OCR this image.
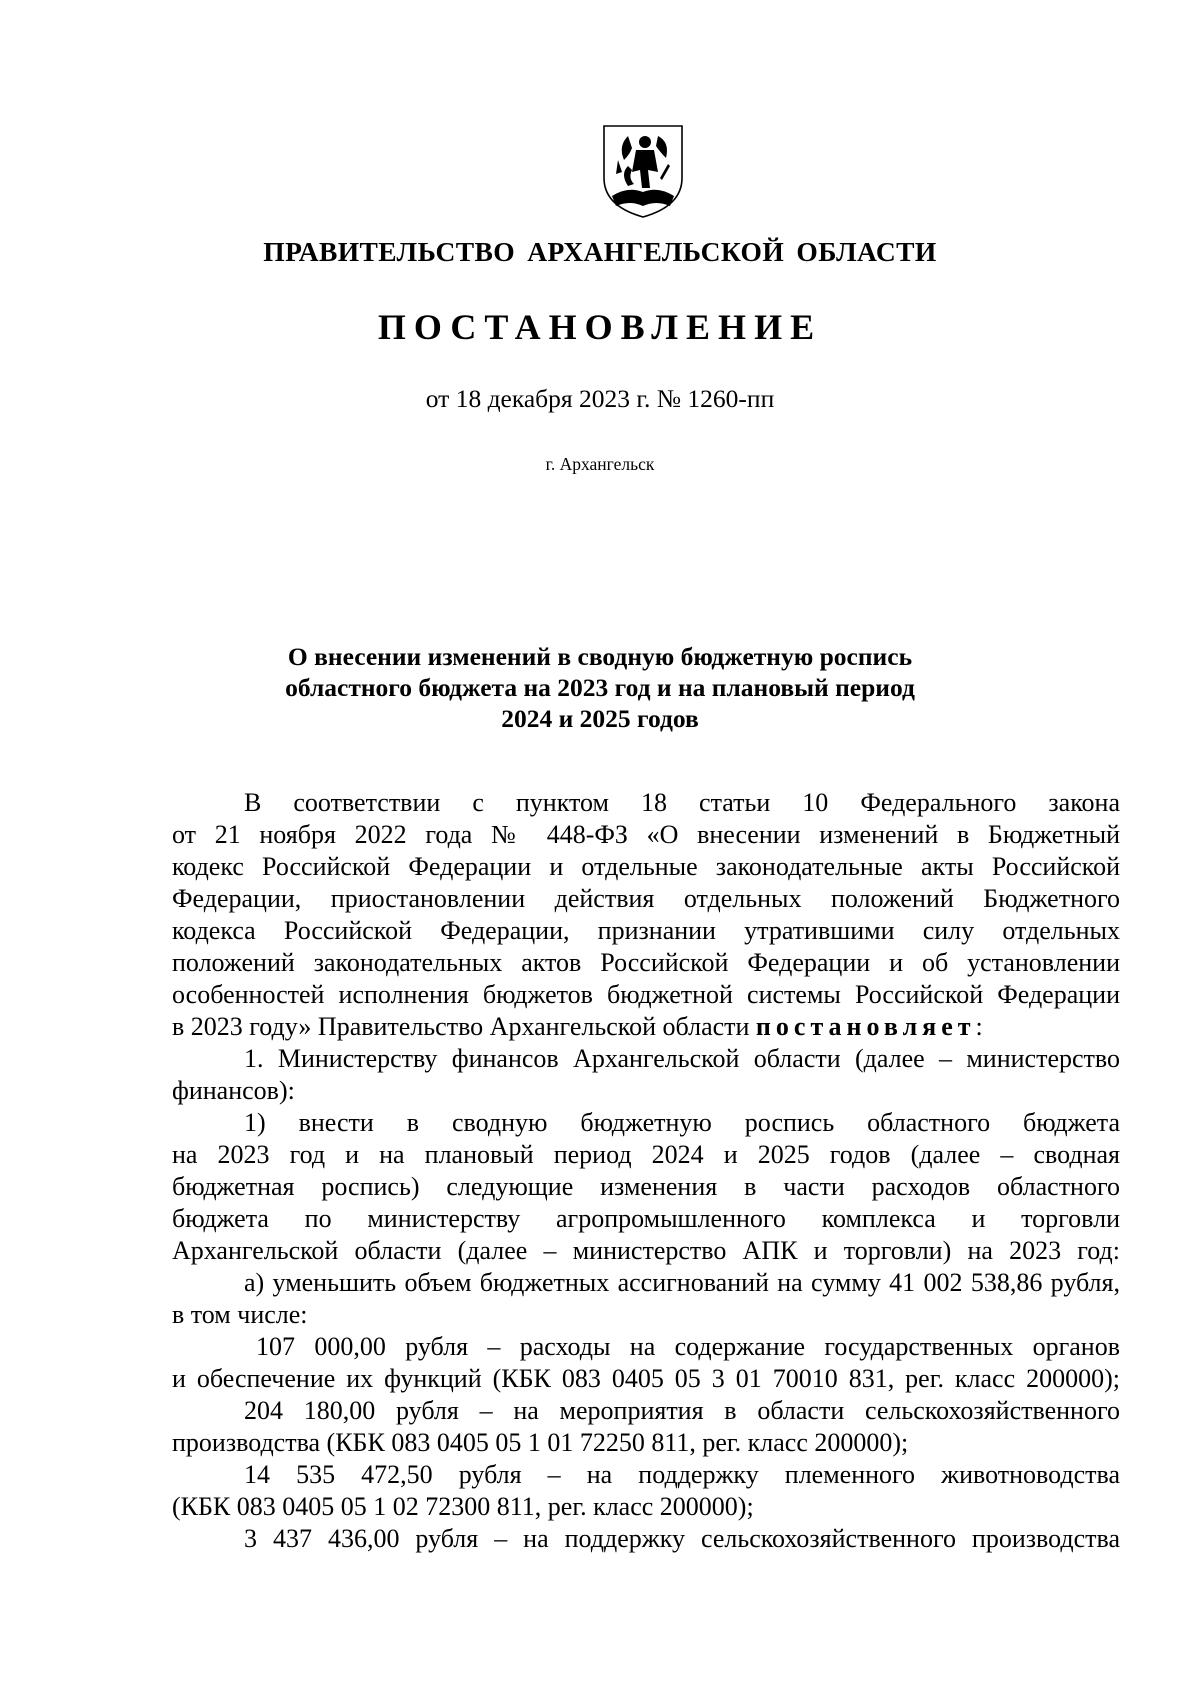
ПРАВИТЕЛЬСТВО АРХАНГЕЛЬСКОЙ ОБЛАСТИ
ПОСТАНОВЛЕНИЕ
от 18 декабря 2023 г. № 1260-пп
г. Архангельск
О внесении изменений в сводную бюджетную роспись
областного бюджета на 2023 год и на плановый период
2024 и 2025 годов
В соответствии с пунктом 18 статьи 10 Федерального закона
от 21 ноября 2022 года № 448-ФЗ «О внесении изменений в Бюджетный
кодекс Российской Федерации и отдельные законодательные акты Российской
Федерации, приостановлении действия отдельных положений Бюджетного
кодекса Российской Федерации, признании утратившими силу отдельных
положений законодательных актов Российской Федерации и об установлении
особенностей исполнения бюджетов бюджетной системы Российской Федерации
в 2023 году» Правительство Архангельской области постановляет:
1. Министерству финансов Архангельской области (далее – министерство
финансов):
1) внести в сводную бюджетную роспись областного бюджета
на 2023 год и на плановый период 2024 и 2025 годов (далее – сводная
бюджетная роспись) следующие изменения в части расходов областного
бюджета по министерству агропромышленного комплекса и торговли
Архангельской области (далее – министерство АПК и торговли) на 2023 год:
а) уменьшить объем бюджетных ассигнований на сумму 41 002 538,86 рубля,
в том числе:
107 000,00 рубля – расходы на содержание государственных органов
и обеспечение их функций (КБК 083 0405 05 3 01 70010 831, рег. класс 200000);
204 180,00 рубля – на мероприятия в области сельскохозяйственного
производства (КБК 083 0405 05 1 01 72250 811, рег. класс 200000);
14 535 472,50 рубля – на поддержку племенного животноводства
(КБК 083 0405 05 1 02 72300 811, рег. класс 200000);
3 437 436,00 рубля – на поддержку сельскохозяйственного производства
